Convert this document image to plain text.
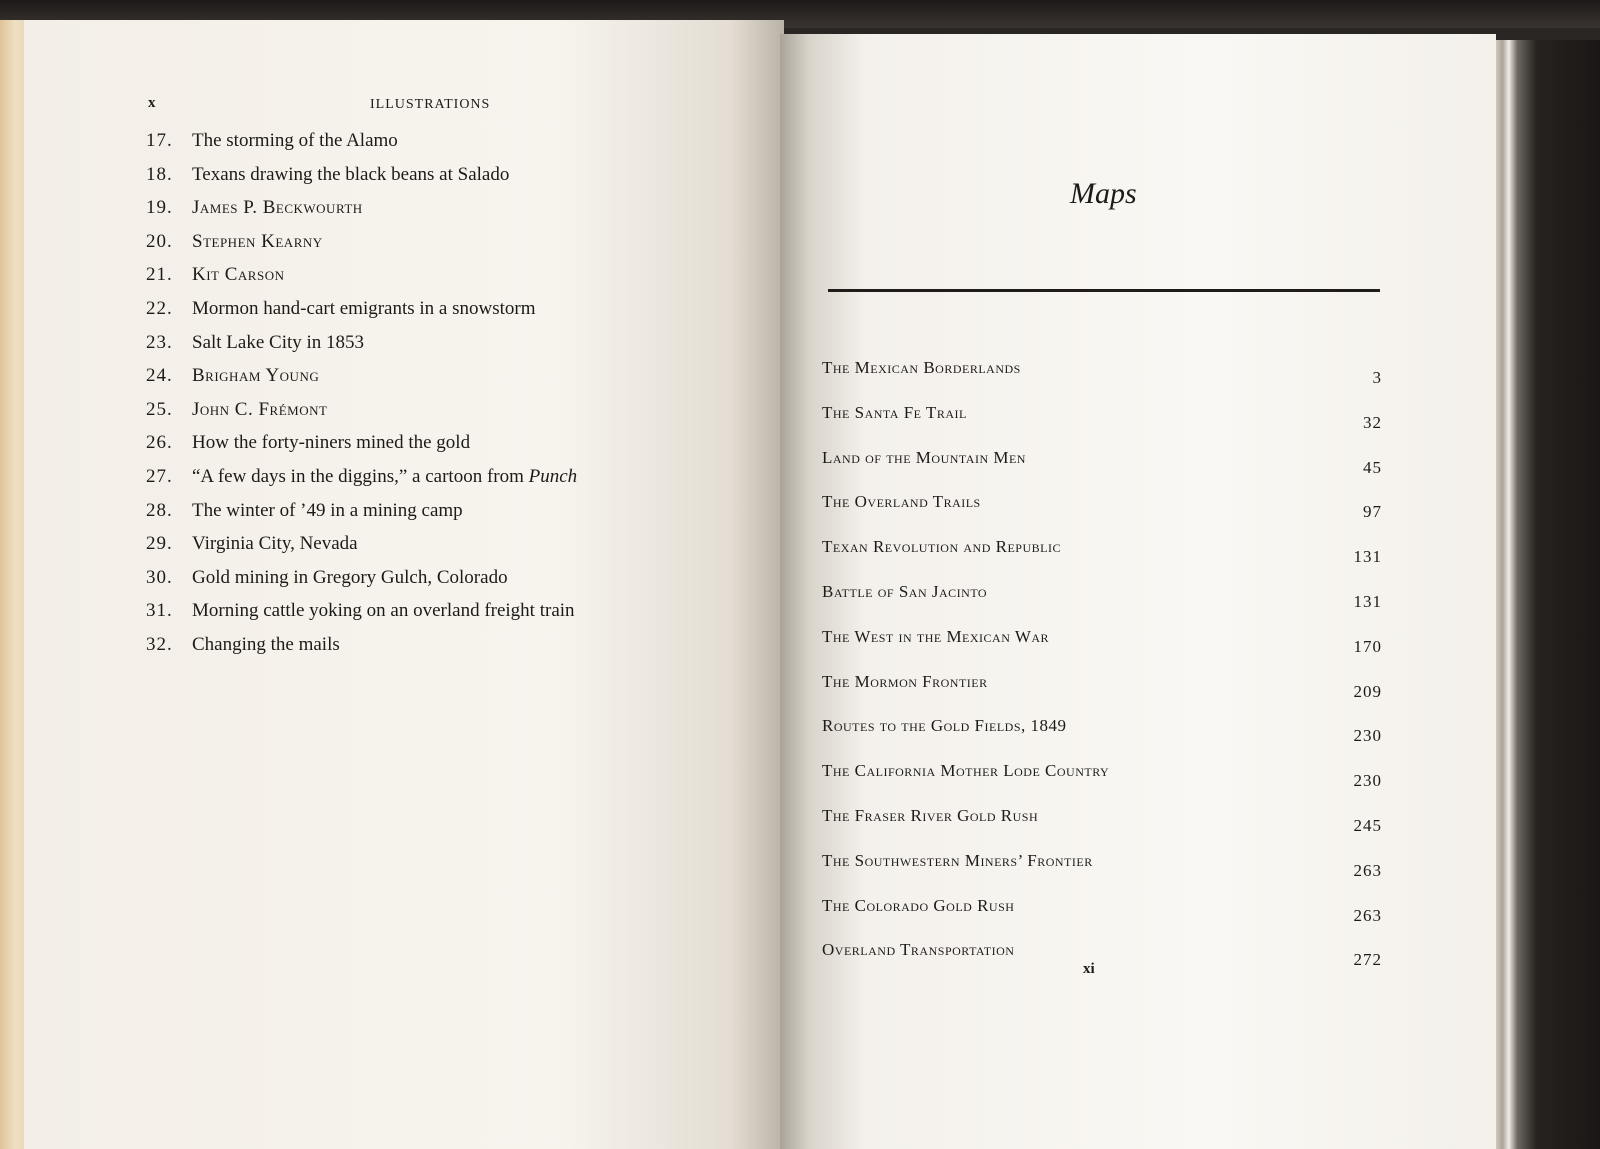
x	ILLUSTRATIONS
17. The storming of the Alamo
18. Texans drawing the black beans at Salado
19. James P. Beckwourth
20. Stephen Kearny
21. Kit Carson
22. Mormon hand-cart emigrants in a snowstorm
23. Salt Lake City in 1853
24. Brigham Young
25. John C. Frémont
26. How the forty-niners mined the gold
27. “A few days in the diggins,” a cartoon from Punch
28. The winter of ’49 in a mining camp
29. Virginia City, Nevada
30. Gold mining in Gregory Gulch, Colorado
31. Morning cattle yoking on an overland freight train
32. Changing the mails
Maps
The Mexican Borderlands
3
The Santa Fe Trail
32
Land of the Mountain Men
45
The Overland Trails
97
Texan Revolution and Republic
131
Battle of San Jacinto
131
The West in the Mexican War
170
The Mormon Frontier
209
Routes to the Gold Fields, 1849
230
The California Mother Lode Country
230
The Fraser River Gold Rush
245
The Southwestern Miners’ Frontier
263
The Colorado Gold Rush
263
Overland Transportation
272
xi
